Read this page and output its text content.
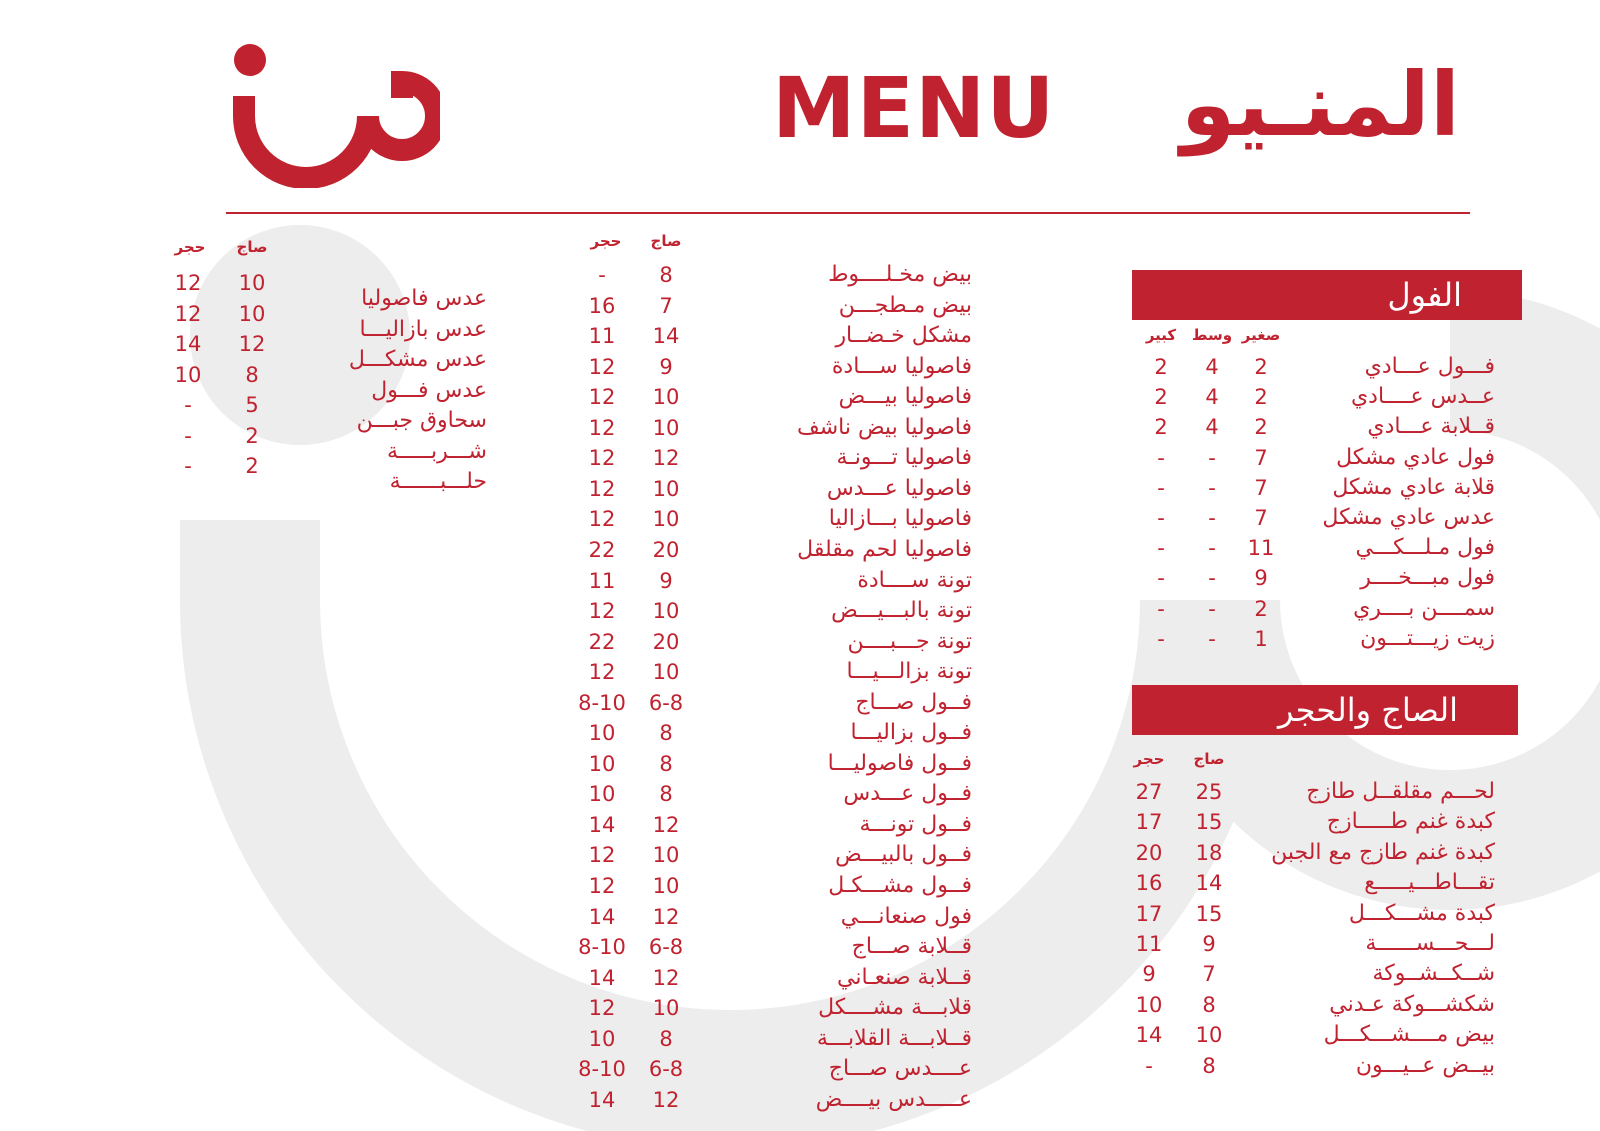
MENU المنـيو
الفول
صغير
وسط
كبير
فـــول عـــادي
2
4
2
عــدس عــــادي
2
4
2
قــلابة عـــادي
2
4
2
فول عادي مشكل
7
-
-
قلابة عادي مشكل
7
-
-
عدس عادي مشكل
7
-
-
فول مـلـــكـــي
11
-
-
فول مبـــخــــر
9
-
-
سمــــن بــــري
2
-
-
زيت زيـــتـــون
1
-
-
الصاج والحجر
صاج
حجر
لحـــم مقلقــل طازج
25
27
كبدة غنم طـــــازج
15
17
كبدة غنم طازج مع الجبن
18
20
تقـــاطـــيـــــع
14
16
كبدة مشـــكـــل
15
17
لـــحـــســــــة
9
11
شــكــشــوكة
7
9
شكشـــوكة عـدني
8
10
بيض مــــشـــكـــل
10
14
بيــض عــيـــون
8
-
صاج
حجر
بيض مخـلــــوط
8
-
بيض مـطجـــن
7
16
مشكل خـضــار
14
11
فاصوليا ســـادة
9
12
فاصوليا بيـــض
10
12
فاصوليا بيض ناشف
10
12
فاصوليا تـــونـة
12
12
فاصوليا عـــدس
10
12
فاصوليا بـــازاليا
10
12
فاصوليا لحم مقلقل
20
22
تونة ســــادة
9
11
تونة بالبـــيـــض
10
12
تونة جـــبــــن
20
22
تونة بزالـــيـــا
10
12
فــول صـــاج
6-8
8-10
فــول بزاليـــا
8
10
فــول فاصوليـــا
8
10
فــول عـــدس
8
10
فــول تونـــة
12
14
فــول بالبيـــض
10
12
فــول مشـــكـل
10
12
فول صنعانـــي
12
14
قــلابة صـــاج
6-8
8-10
قــلابة صنعـاني
12
14
قلابـــة مشــــكل
10
12
قــلابـــة القلابـــة
8
10
عــــدس صـــاج
6-8
8-10
عـــــدس بيــــض
12
14
صاج
حجر
عدس فاصوليا
10
12
عدس بازاليـــا
10
12
عدس مشكـــل
12
14
عدس فـــول
8
10
سحاوق جبـــن
5
-
شـــربـــــة
2
-
حلـــبــــــة
2
-
